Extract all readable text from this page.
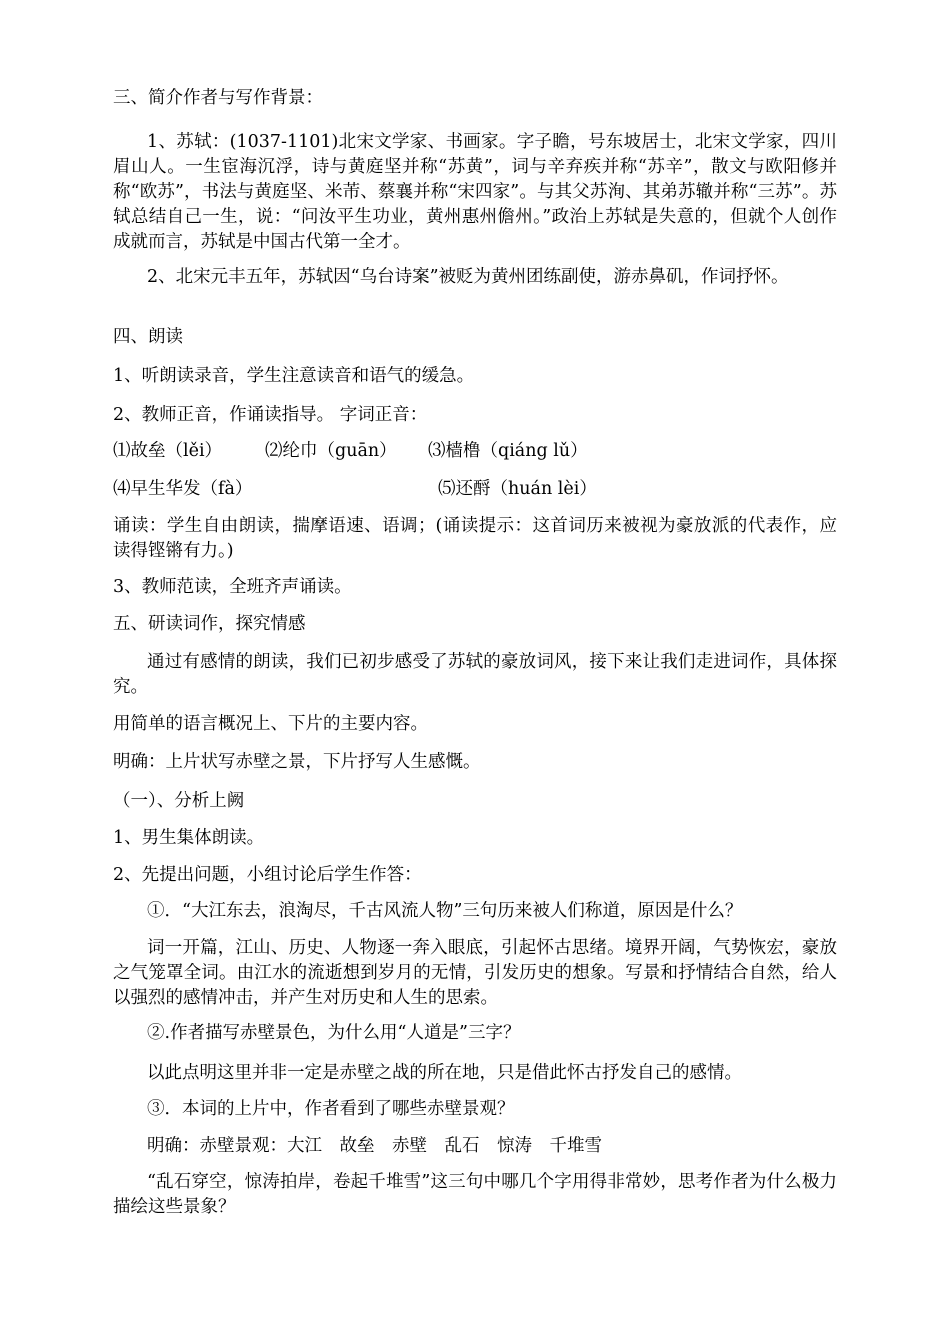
三、简介作者与写作背景：
1、苏轼：(1037-1101)北宋文学家、书画家。字子瞻，号东坡居士，北宋文学家，四川眉山人。一生宦海沉浮，诗与黄庭坚并称“苏黄”，词与辛弃疾并称“苏辛”，散文与欧阳修并称“欧苏”，书法与黄庭坚、米芾、蔡襄并称“宋四家”。与其父苏洵、其弟苏辙并称“三苏”。苏轼总结自己一生，说：“问汝平生功业，黄州惠州儋州。”政治上苏轼是失意的，但就个人创作成就而言，苏轼是中国古代第一全才。
2、北宋元丰五年，苏轼因“乌台诗案”被贬为黄州团练副使，游赤鼻矶，作词抒怀。
四、朗读
1、听朗读录音，学生注意读音和语气的缓急。
2、教师正音，作诵读指导。 字词正音：
⑴故垒（lěi） ⑵纶巾（guān） ⑶樯橹（qiáng lǔ）
⑷早生华发（fà）	⑸还酹（huán lèi）
诵读：学生自由朗读，揣摩语速、语调；(诵读提示：这首词历来被视为豪放派的代表作，应读得铿锵有力。)
3、教师范读，全班齐声诵读。
五、研读词作，探究情感
通过有感情的朗读，我们已初步感受了苏轼的豪放词风，接下来让我们走进词作，具体探究。
用简单的语言概况上、下片的主要内容。
明确：上片状写赤壁之景，下片抒写人生感慨。
（一）、分析上阙
1、男生集体朗读。
2、先提出问题，小组讨论后学生作答：
①．“大江东去，浪淘尽，千古风流人物”三句历来被人们称道，原因是什么？
词一开篇，江山、历史、人物逐一奔入眼底，引起怀古思绪。境界开阔，气势恢宏，豪放之气笼罩全词。由江水的流逝想到岁月的无情，引发历史的想象。写景和抒情结合自然，给人以强烈的感情冲击，并产生对历史和人生的思索。
②.作者描写赤壁景色，为什么用“人道是”三字？
以此点明这里并非一定是赤壁之战的所在地，只是借此怀古抒发自己的感情。
③．本词的上片中，作者看到了哪些赤壁景观？
明确：赤壁景观：大江　故垒　赤壁　乱石　惊涛　千堆雪
“乱石穿空，惊涛拍岸，卷起千堆雪”这三句中哪几个字用得非常妙，思考作者为什么极力描绘这些景象？
